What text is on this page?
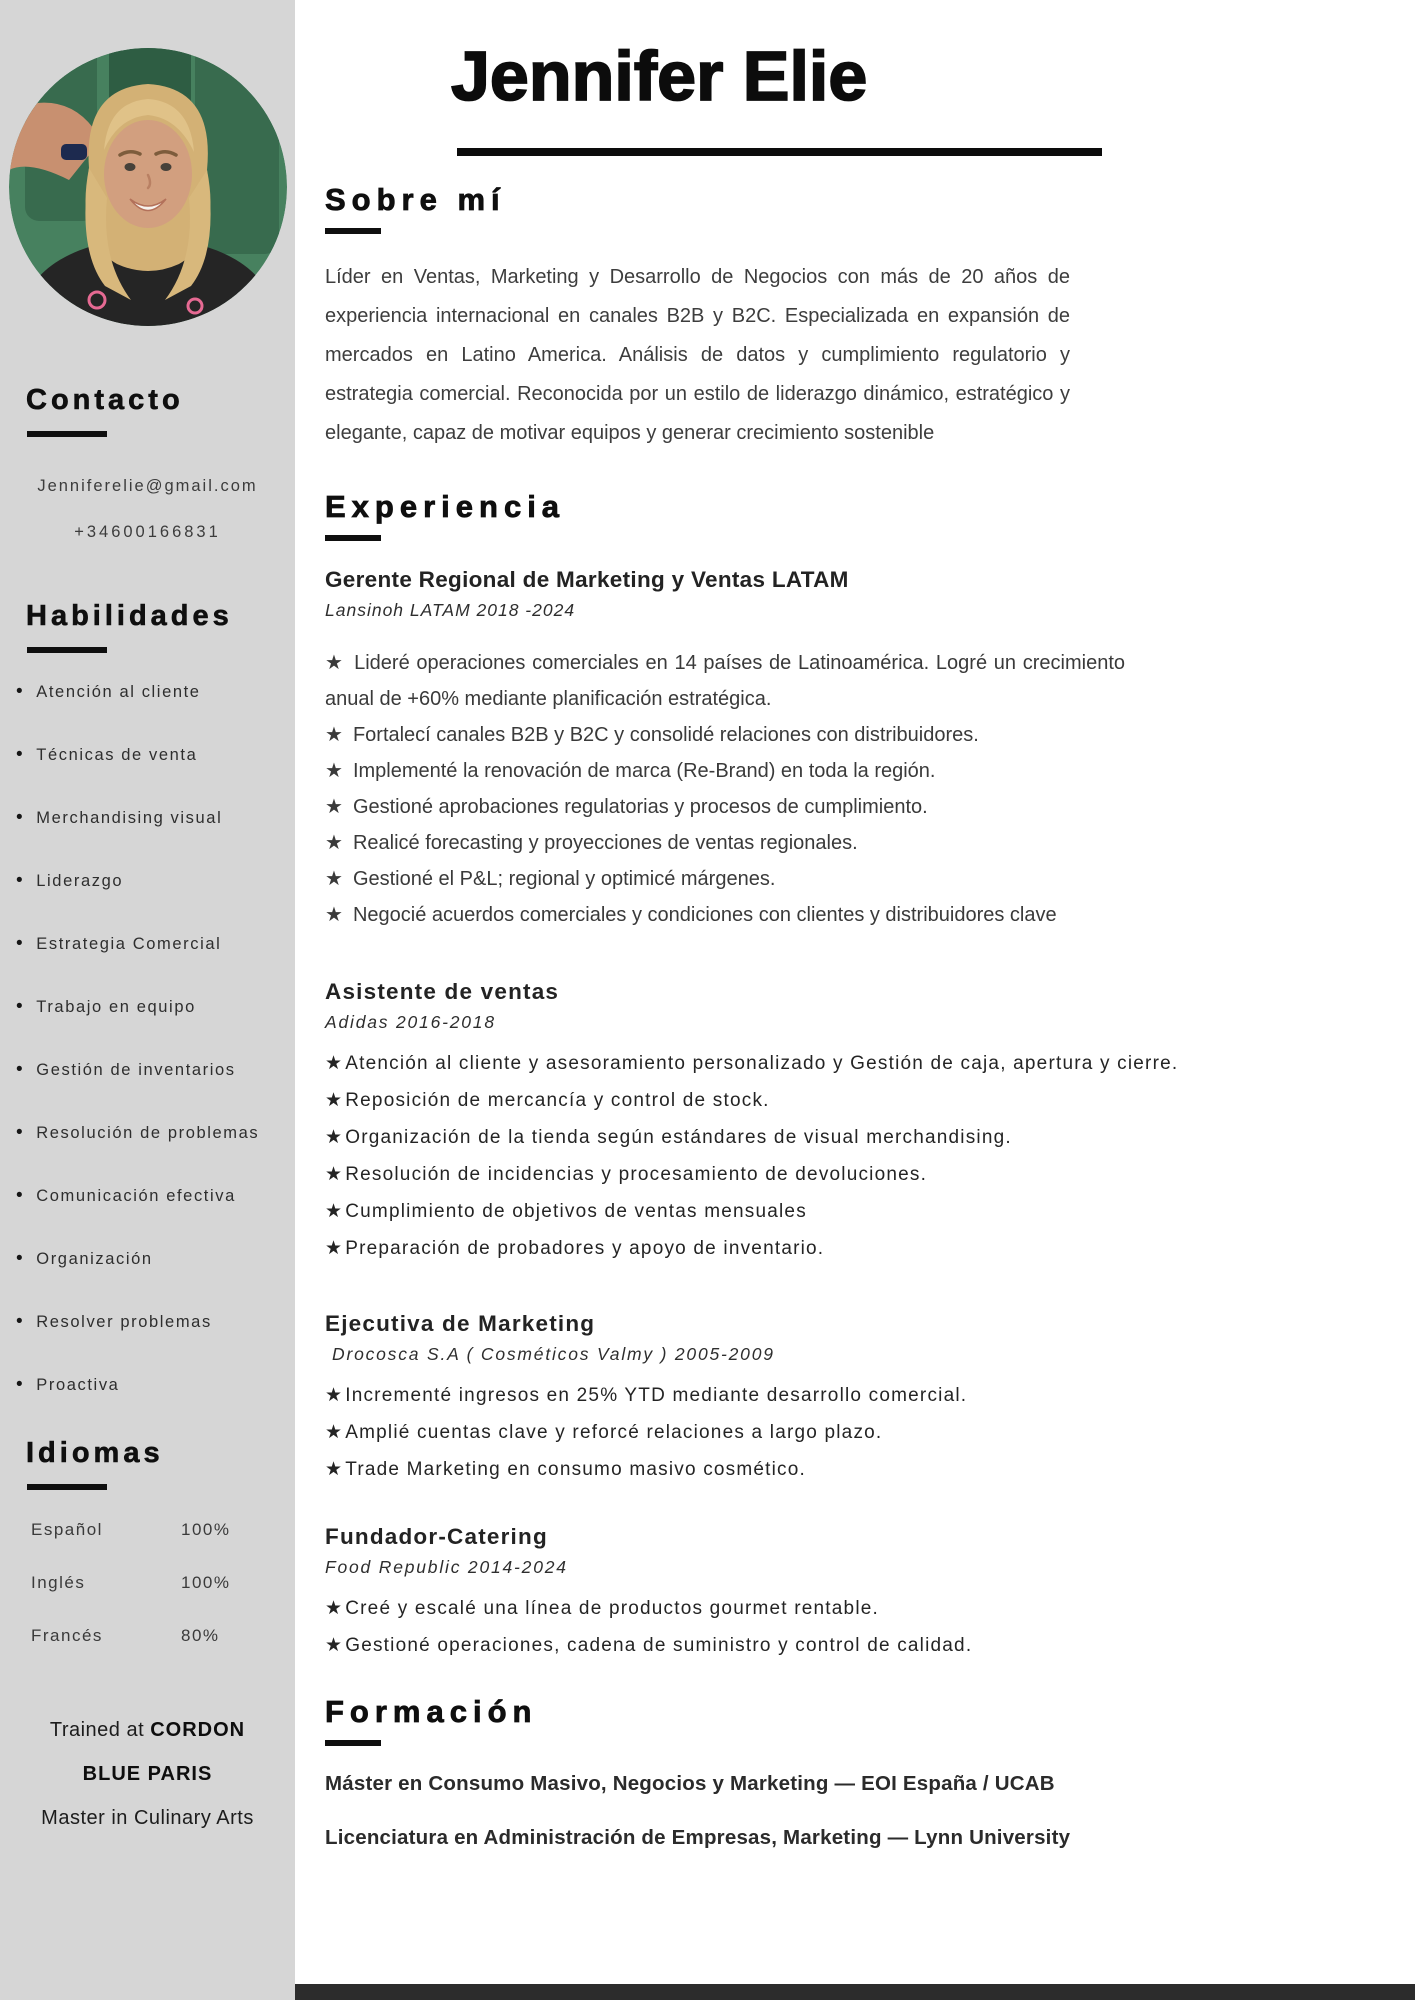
Contacto

Jenniferelie@gmail.com

+34600166831

Habilidades
• Atención al cliente
• Técnicas de venta
• Merchandising visual
• Liderazgo
• Estrategia Comercial
• Trabajo en equipo
• Gestión de inventarios
• Resolución de problemas
• Comunicación efectiva
• Organización
• Resolver problemas
• Proactiva
Idiomas
Español	100%
Inglés	100%
Francés	80%
Trained at CORDON BLUE PARIS
Master in Culinary Arts
Jennifer Elie
Sobre mí

Líder en Ventas, Marketing y Desarrollo de Negocios con más de 20 años de experiencia internacional en canales B2B y B2C. Especializada en expansión de mercados en Latino America. Análisis de datos y cumplimiento regulatorio y estrategia comercial. Reconocida por un estilo de liderazgo dinámico, estratégico y elegante, capaz de motivar equipos y generar crecimiento sostenible

Experiencia
Gerente Regional de Marketing y Ventas LATAM

Lansinoh LATAM 2018 -2024

★ Lideré operaciones comerciales en 14 países de Latinoamérica. Logré un crecimiento anual de +60% mediante planificación estratégica.
★ Fortalecí canales B2B y B2C y consolidé relaciones con distribuidores.
★ Implementé la renovación de marca (Re-Brand) en toda la región.
★ Gestioné aprobaciones regulatorias y procesos de cumplimiento.
★ Realicé forecasting y proyecciones de ventas regionales.
★ Gestioné el P&L; regional y optimicé márgenes.
★ Negocié acuerdos comerciales y condiciones con clientes y distribuidores clave
Asistente de ventas

Adidas 2016-2018

★ Atención al cliente y asesoramiento personalizado y Gestión de caja, apertura y cierre.
★ Reposición de mercancía y control de stock.
★ Organización de la tienda según estándares de visual merchandising.
★ Resolución de incidencias y procesamiento de devoluciones.
★ Cumplimiento de objetivos de ventas mensuales
★ Preparación de probadores y apoyo de inventario.
Ejecutiva de Marketing

Drocosca S.A ( Cosméticos Valmy ) 2005-2009

★ Incrementé ingresos en 25% YTD mediante desarrollo comercial.
★ Amplié cuentas clave y reforcé relaciones a largo plazo.
★ Trade Marketing en consumo masivo cosmético.
Fundador-Catering

Food Republic 2014-2024

★ Creé y escalé una línea de productos gourmet rentable.
★ Gestioné operaciones, cadena de suministro y control de calidad.
Formación

Máster en Consumo Masivo, Negocios y Marketing — EOI España / UCAB

Licenciatura en Administración de Empresas, Marketing — Lynn University
